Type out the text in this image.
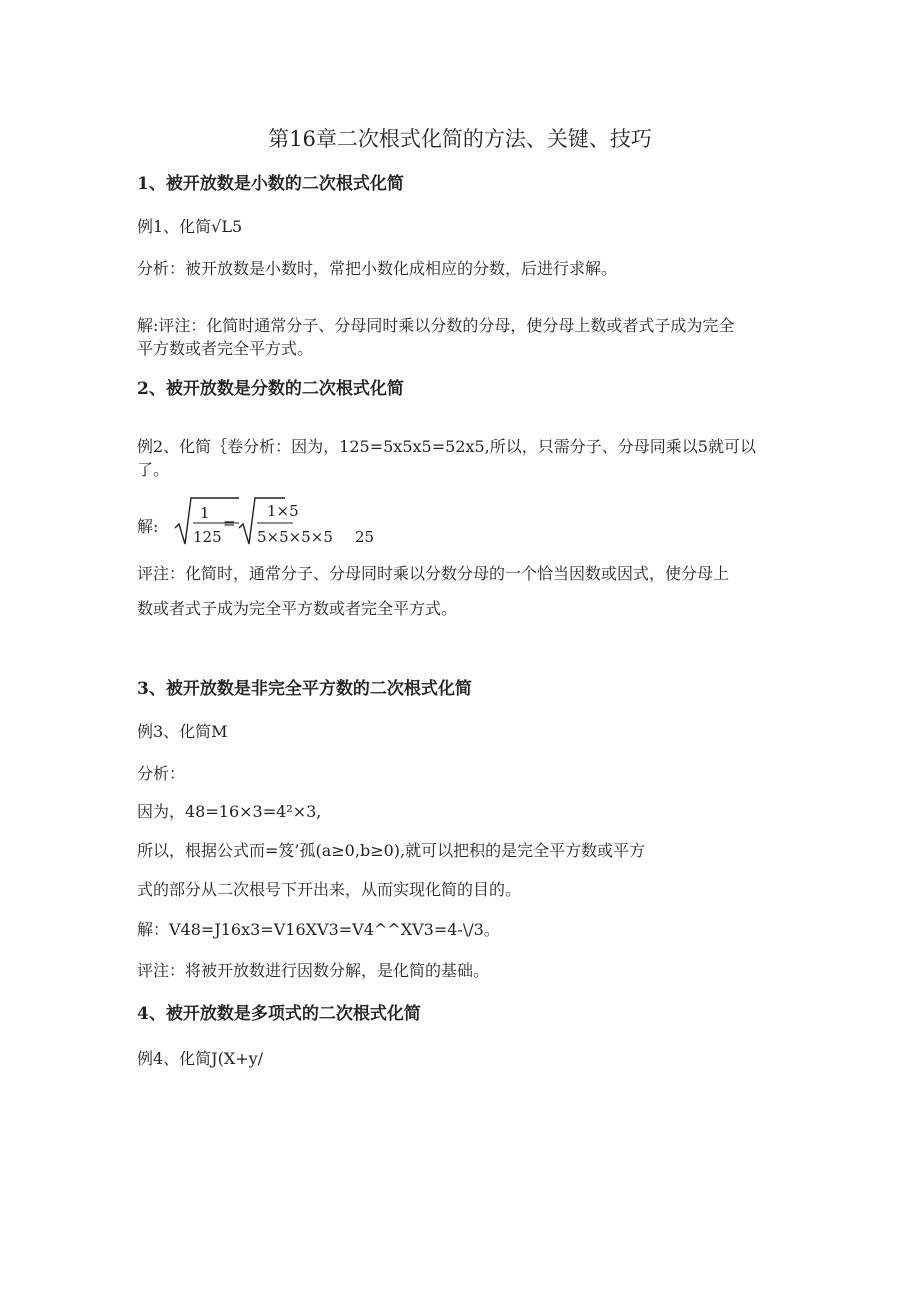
第16章二次根式化简的方法、关键、技巧
1、被开放数是小数的二次根式化简
例1、化简√L5
分析：被开放数是小数时，常把小数化成相应的分数，后进行求解。
解:评注：化简时通常分子、分母同时乘以分数的分母，使分母上数或者式子成为完全
平方数或者完全平方式。
2、被开放数是分数的二次根式化简
例2、化简｛卷分析：因为，125=5x5x5=52x5,所以，只需分子、分母同乘以5就可以
了。
解:
1
125
=
1×5
5×5×5×5 25
评注：化简时，通常分子、分母同时乘以分数分母的一个恰当因数或因式，使分母上
数或者式子成为完全平方数或者完全平方式。
3、被开放数是非完全平方数的二次根式化简
例3、化简M
分析：
因为，48=16×3=4²×3,
所以，根据公式而=笈’孤(a≥0,b≥0),就可以把积的是完全平方数或平方
式的部分从二次根号下开出来，从而实现化简的目的。
解：V48=J16x3=V16XV3=V4^^XV3=4-\/3。
评注：将被开放数进行因数分解，是化简的基础。
4、被开放数是多项式的二次根式化简
例4、化简J(X+y/
